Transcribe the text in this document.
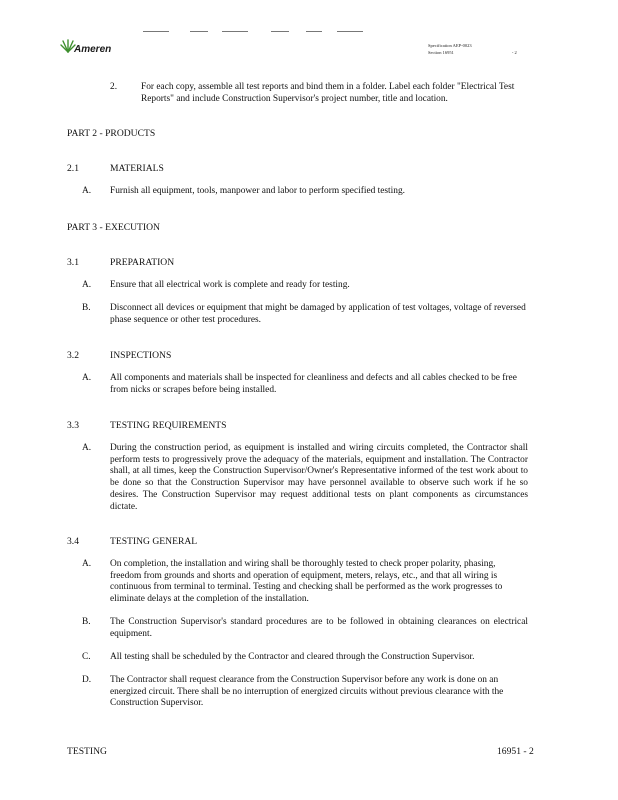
Ameren	Specification AEP-0023
Section 16951	- 2
2.	For each copy, assemble all test reports and bind them in a folder. Label each folder "Electrical Test Reports" and include Construction Supervisor's project number, title and location.
PART 2 - PRODUCTS
2.1	MATERIALS
A. Furnish all equipment, tools, manpower and labor to perform specified testing.
PART 3 - EXECUTION
3.1	PREPARATION
A. Ensure that all electrical work is complete and ready for testing.
B. Disconnect all devices or equipment that might be damaged by application of test voltages, voltage of reversed phase sequence or other test procedures.
3.2	INSPECTIONS
A. All components and materials shall be inspected for cleanliness and defects and all cables checked to be free from nicks or scrapes before being installed.
3.3	TESTING REQUIREMENTS
A. During the construction period, as equipment is installed and wiring circuits completed, the Contractor shall perform tests to progressively prove the adequacy of the materials, equipment and installation. The Contractor shall, at all times, keep the Construction Supervisor/Owner's Representative informed of the test work about to be done so that the Construction Supervisor may have personnel available to observe such work if he so desires. The Construction Supervisor may request additional tests on plant components as circumstances dictate.
3.4	TESTING GENERAL
A. On completion, the installation and wiring shall be thoroughly tested to check proper polarity, phasing, freedom from grounds and shorts and operation of equipment, meters, relays, etc., and that all wiring is continuous from terminal to terminal. Testing and checking shall be performed as the work progresses to eliminate delays at the completion of the installation.
B. The Construction Supervisor's standard procedures are to be followed in obtaining clearances on electrical equipment.
C. All testing shall be scheduled by the Contractor and cleared through the Construction Supervisor.
D. The Contractor shall request clearance from the Construction Supervisor before any work is done on an energized circuit. There shall be no interruption of energized circuits without previous clearance with the Construction Supervisor.
TESTING	16951 - 2
